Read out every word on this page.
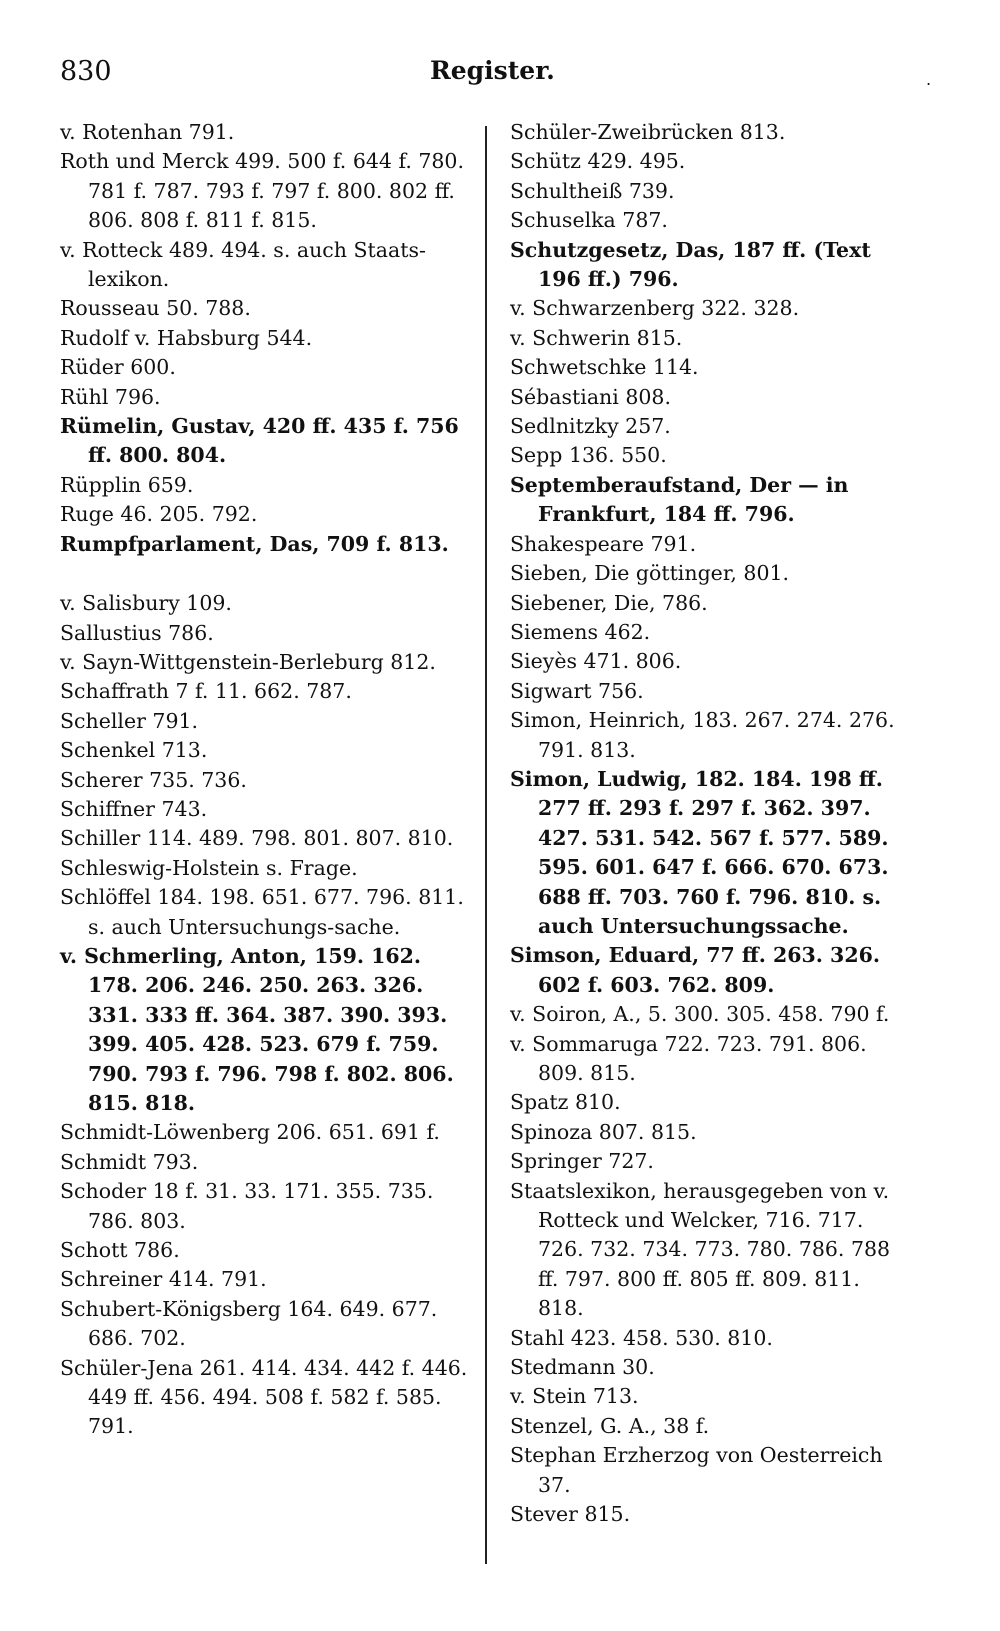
830	Register.	.
v. Rotenhan 791.
Roth und Merck 499. 500 f. 644 f. 780. 781 f. 787. 793 f. 797 f. 800. 802 ff. 806. 808 f. 811 f. 815.
v. Rotteck 489. 494. s. auch Staats-lexikon.
Rousseau 50. 788.
Rudolf v. Habsburg 544.
Rüder 600.
Rühl 796.
Rümelin, Gustav, 420 ff. 435 f. 756 ff. 800. 804.
Rüpplin 659.
Ruge 46. 205. 792.
Rumpfparlament, Das, 709 f. 813.
v. Salisbury 109.
Sallustius 786.
v. Sayn-Wittgenstein-Berleburg 812.
Schaffrath 7 f. 11. 662. 787.
Scheller 791.
Schenkel 713.
Scherer 735. 736.
Schiffner 743.
Schiller 114. 489. 798. 801. 807. 810.
Schleswig-Holstein s. Frage.
Schlöffel 184. 198. 651. 677. 796. 811. s. auch Untersuchungs-sache.
v. Schmerling, Anton, 159. 162. 178. 206. 246. 250. 263. 326. 331. 333 ff. 364. 387. 390. 393. 399. 405. 428. 523. 679 f. 759. 790. 793 f. 796. 798 f. 802. 806. 815. 818.
Schmidt-Löwenberg 206. 651. 691 f.
Schmidt 793.
Schoder 18 f. 31. 33. 171. 355. 735. 786. 803.
Schott 786.
Schreiner 414. 791.
Schubert-Königsberg 164. 649. 677. 686. 702.
Schüler-Jena 261. 414. 434. 442 f. 446. 449 ff. 456. 494. 508 f. 582 f. 585. 791.
Schüler-Zweibrücken 813.
Schütz 429. 495.
Schultheiß 739.
Schuselka 787.
Schutzgesetz, Das, 187 ff. (Text 196 ff.) 796.
v. Schwarzenberg 322. 328.
v. Schwerin 815.
Schwetschke 114.
Sébastiani 808.
Sedlnitzky 257.
Sepp 136. 550.
Septemberaufstand, Der — in Frankfurt, 184 ff. 796.
Shakespeare 791.
Sieben, Die göttinger, 801.
Siebener, Die, 786.
Siemens 462.
Sieyès 471. 806.
Sigwart 756.
Simon, Heinrich, 183. 267. 274. 276. 791. 813.
Simon, Ludwig, 182. 184. 198 ff. 277 ff. 293 f. 297 f. 362. 397. 427. 531. 542. 567 f. 577. 589. 595. 601. 647 f. 666. 670. 673. 688 ff. 703. 760 f. 796. 810. s. auch Untersuchungssache.
Simson, Eduard, 77 ff. 263. 326. 602 f. 603. 762. 809.
v. Soiron, A., 5. 300. 305. 458. 790 f.
v. Sommaruga 722. 723. 791. 806. 809. 815.
Spatz 810.
Spinoza 807. 815.
Springer 727.
Staatslexikon, herausgegeben von v. Rotteck und Welcker, 716. 717. 726. 732. 734. 773. 780. 786. 788 ff. 797. 800 ff. 805 ff. 809. 811. 818.
Stahl 423. 458. 530. 810.
Stedmann 30.
v. Stein 713.
Stenzel, G. A., 38 f.
Stephan Erzherzog von Oesterreich 37.
Stever 815.
